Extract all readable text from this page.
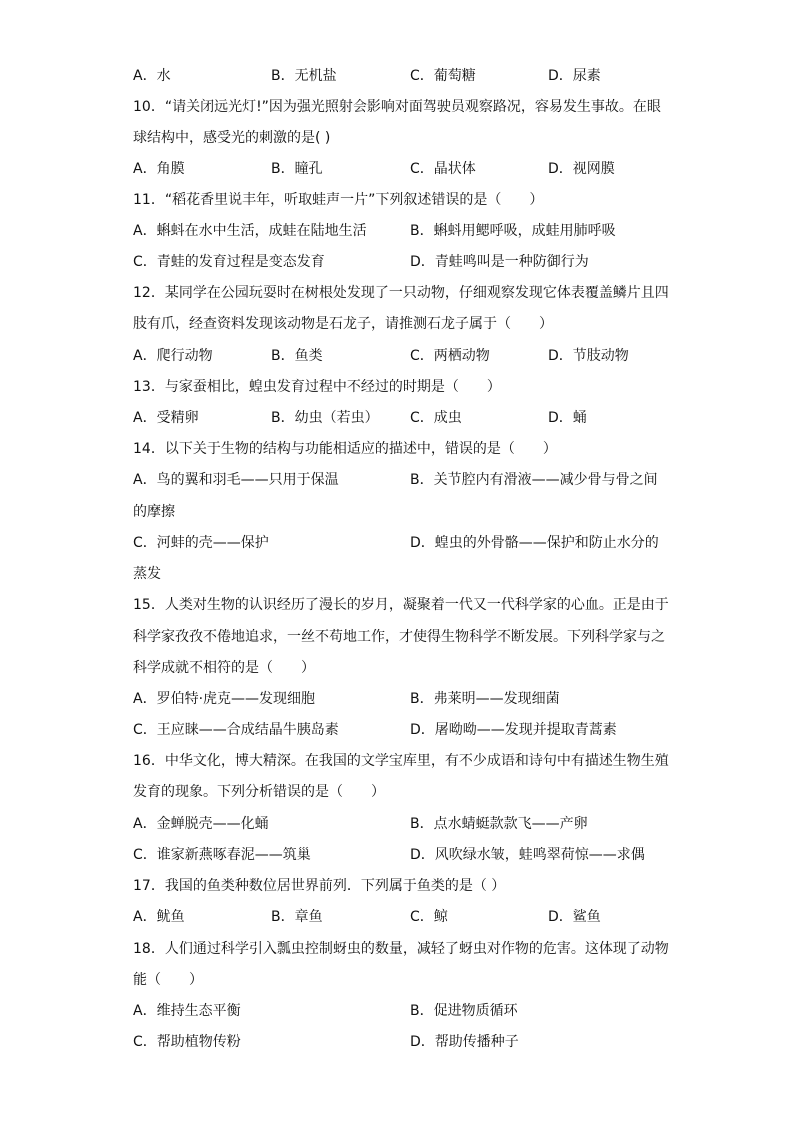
A．水	B．无机盐	C．葡萄糖	D．尿素
10．“请关闭远光灯!”因为强光照射会影响对面驾驶员观察路况，容易发生事故。在眼
球结构中，感受光的刺激的是( )
A．角膜	B．瞳孔	C．晶状体	D．视网膜
11．“稻花香里说丰年，听取蛙声一片”下列叙述错误的是（　　）
A．蝌蚪在水中生活，成蛙在陆地生活	B．蝌蚪用鳃呼吸，成蛙用肺呼吸
C．青蛙的发育过程是变态发育	D．青蛙鸣叫是一种防御行为
12．某同学在公园玩耍时在树根处发现了一只动物，仔细观察发现它体表覆盖鳞片且四
肢有爪，经查资料发现该动物是石龙子，请推测石龙子属于（　　）
A．爬行动物	B．鱼类	C．两栖动物	D．节肢动物
13．与家蚕相比，蝗虫发育过程中不经过的时期是（　　）
A．受精卵	B．幼虫（若虫） C．成虫	D．蛹
14．以下关于生物的结构与功能相适应的描述中，错误的是（　　）
A．鸟的翼和羽毛——只用于保温	B．关节腔内有滑液——减少骨与骨之间
的摩擦
C．河蚌的壳——保护	D．蝗虫的外骨骼——保护和防止水分的
蒸发
15．人类对生物的认识经历了漫长的岁月，凝聚着一代又一代科学家的心血。正是由于
科学家孜孜不倦地追求，一丝不苟地工作，才使得生物科学不断发展。下列科学家与之
科学成就不相符的是（　　）
A．罗伯特·虎克——发现细胞	B．弗莱明——发现细菌
C．王应睐——合成结晶牛胰岛素	D．屠呦呦——发现并提取青蒿素
16．中华文化，博大精深。在我国的文学宝库里，有不少成语和诗句中有描述生物生殖
发育的现象。下列分析错误的是（　　）
A．金蝉脱壳——化蛹	B．点水蜻蜓款款飞——产卵
C．谁家新燕啄春泥——筑巢	D．风吹绿水皱，蛙鸣翠荷惊——求偶
17．我国的鱼类种数位居世界前列．下列属于鱼类的是（ ）
A．鱿鱼	B．章鱼	C．鲸	D．鲨鱼
18．人们通过科学引入瓢虫控制蚜虫的数量，减轻了蚜虫对作物的危害。这体现了动物
能（　　）
A．维持生态平衡	B．促进物质循环
C．帮助植物传粉	D．帮助传播种子
